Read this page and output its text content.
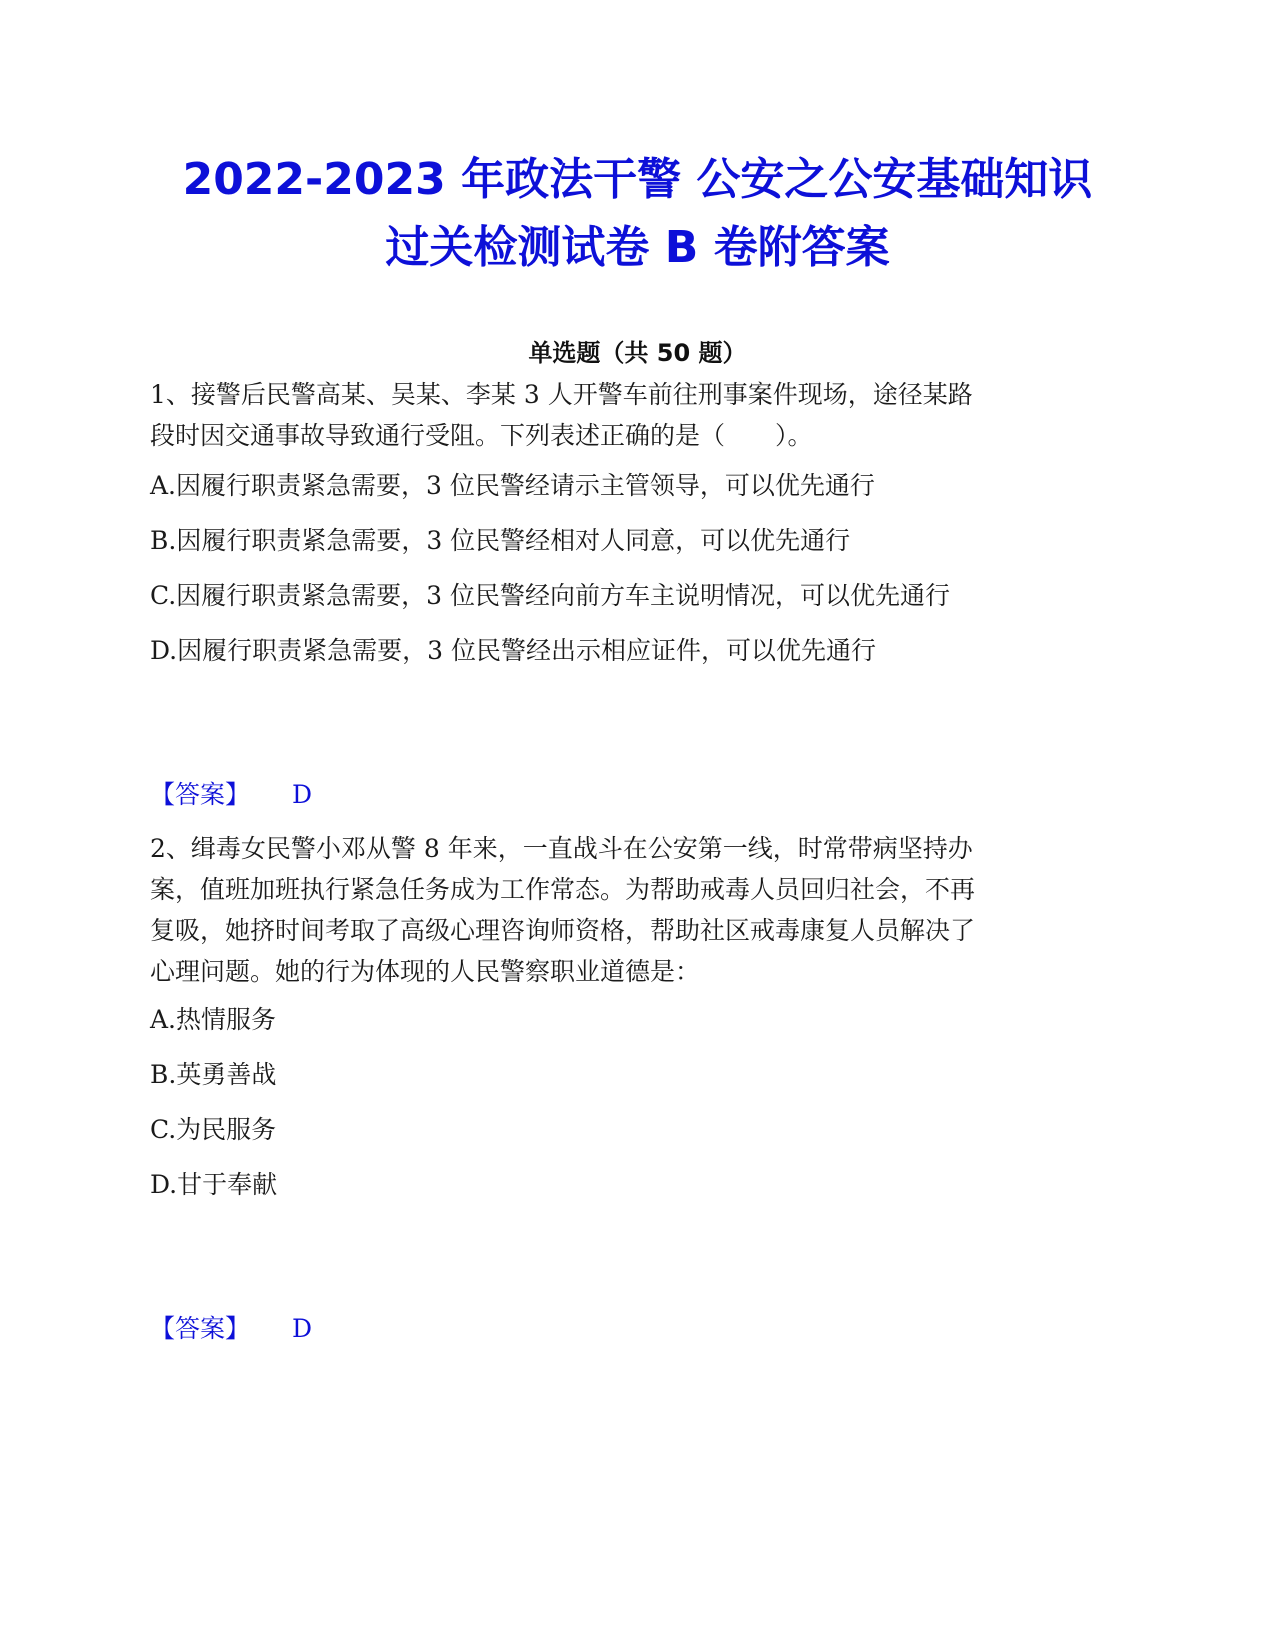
2022-2023 年政法干警 公安之公安基础知识
过关检测试卷 B 卷附答案
单选题（共 50 题）
1、接警后民警高某、吴某、李某 3 人开警车前往刑事案件现场，途径某路
段时因交通事故导致通行受阻。下列表述正确的是（　　）。
A.因履行职责紧急需要，3 位民警经请示主管领导，可以优先通行
B.因履行职责紧急需要，3 位民警经相对人同意，可以优先通行
C.因履行职责紧急需要，3 位民警经向前方车主说明情况，可以优先通行
D.因履行职责紧急需要，3 位民警经出示相应证件，可以优先通行
【答案】 D
2、缉毒女民警小邓从警 8 年来，一直战斗在公安第一线，时常带病坚持办
案，值班加班执行紧急任务成为工作常态。为帮助戒毒人员回归社会，不再
复吸，她挤时间考取了高级心理咨询师资格，帮助社区戒毒康复人员解决了
心理问题。她的行为体现的人民警察职业道德是：
A.热情服务
B.英勇善战
C.为民服务
D.甘于奉献
【答案】 D
